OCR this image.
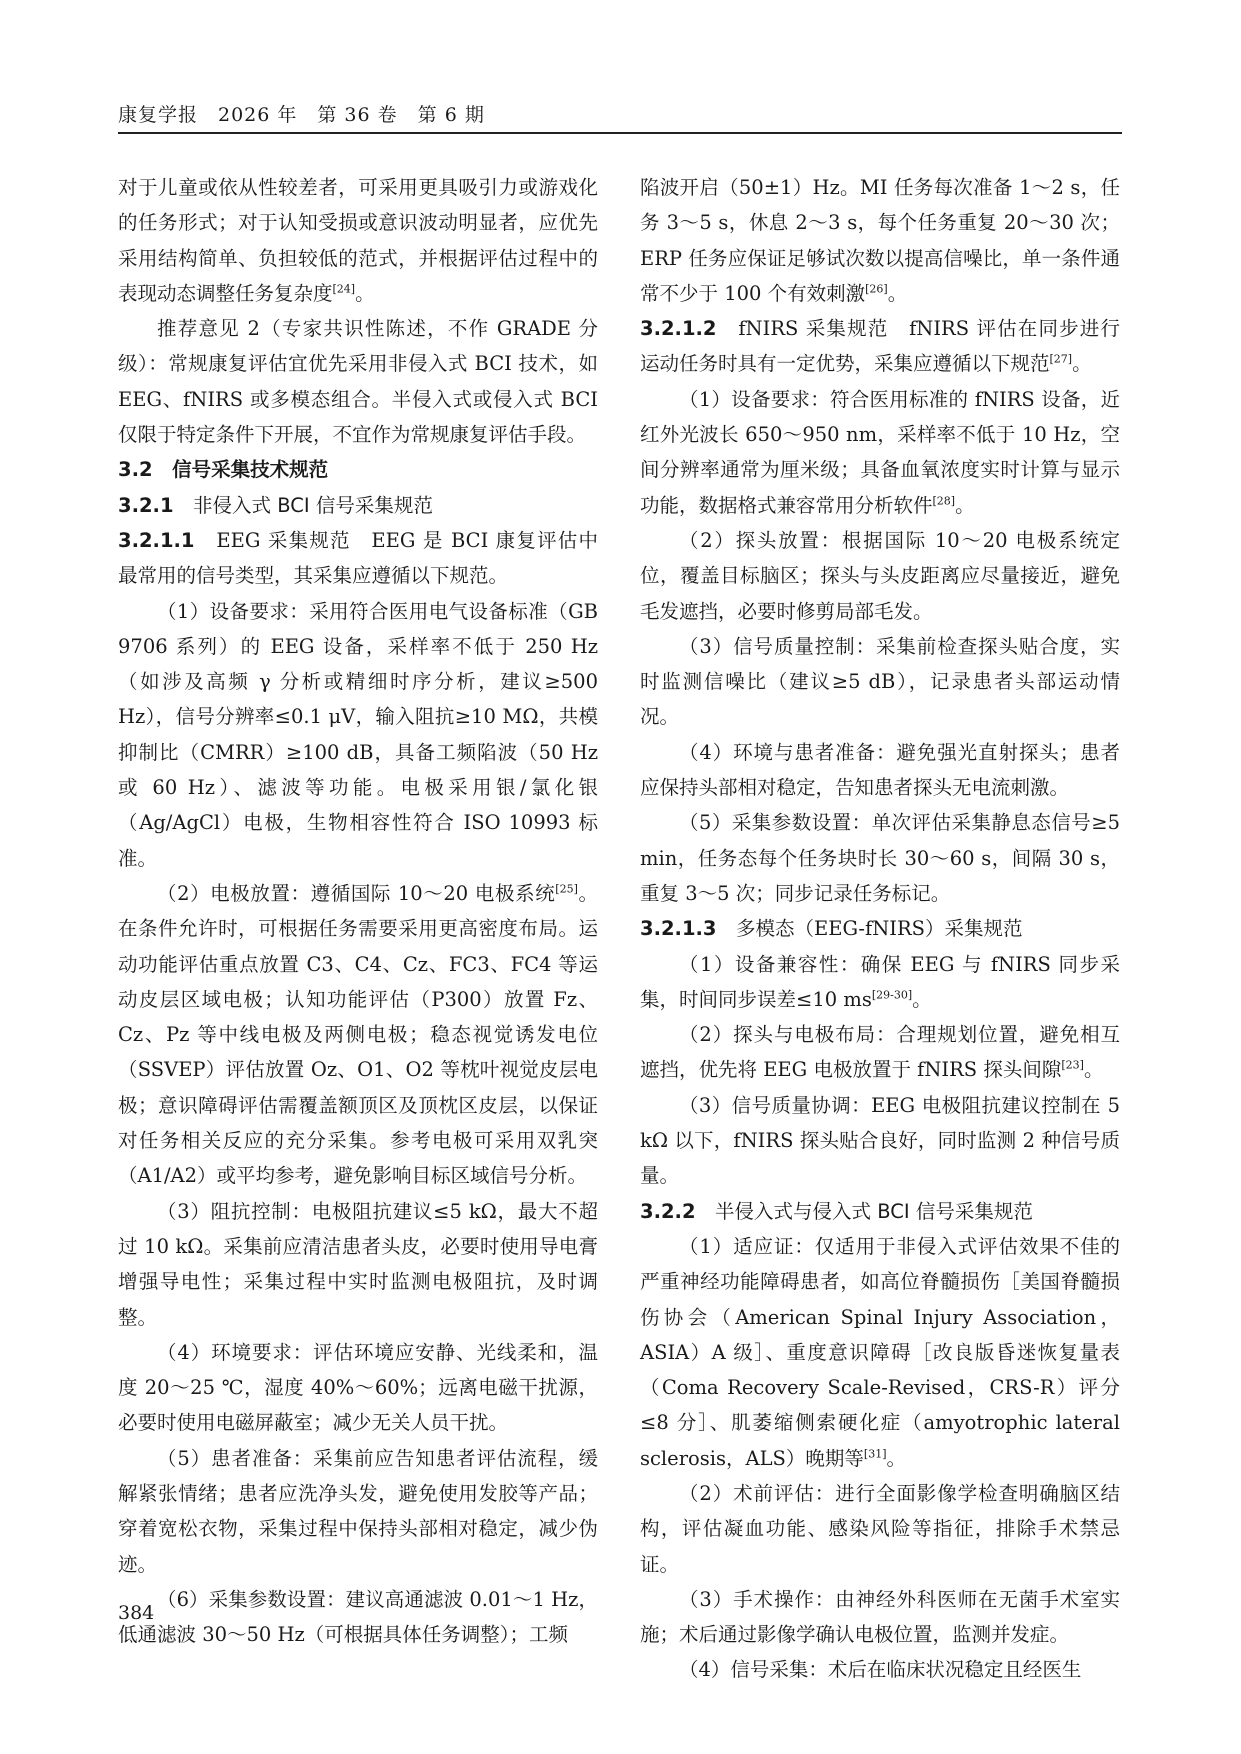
康复学报　2026 年　第 36 卷　第 6 期

对于儿童或依从性较差者，可采用更具吸引力或游戏化的任务形式；对于认知受损或意识波动明显者，应优先采用结构简单、负担较低的范式，并根据评估过程中的表现动态调整任务复杂度[24]。

推荐意见 2（专家共识性陈述，不作 GRADE 分级）：常规康复评估宜优先采用非侵入式 BCI 技术，如 EEG、fNIRS 或多模态组合。半侵入式或侵入式 BCI 仅限于特定条件下开展，不宜作为常规康复评估手段。

3.2　 信号采集技术规范
3.2.1　 非侵入式 BCI 信号采集规范

3.2.1.1　 EEG 采集规范　 EEG 是 BCI 康复评估中最常用的信号类型，其采集应遵循以下规范。

（1）设备要求：采用符合医用电气设备标准（GB 9706 系列）的 EEG 设备，采样率不低于 250 Hz（如涉及高频 γ 分析或精细时序分析，建议≥500 Hz），信号分辨率≤0.1 μV，输入阻抗≥10 MΩ，共模抑制比（CMRR）≥100 dB，具备工频陷波（50 Hz 或 60 Hz）、滤波等功能。电极采用银/氯化银（Ag/AgCl）电极，生物相容性符合 ISO 10993 标准。

（2）电极放置：遵循国际 10～20 电极系统[25]。在条件允许时，可根据任务需要采用更高密度布局。运动功能评估重点放置 C3、C4、Cz、FC3、FC4 等运动皮层区域电极；认知功能评估（P300）放置 Fz、Cz、Pz 等中线电极及两侧电极；稳态视觉诱发电位（SSVEP）评估放置 Oz、O1、O2 等枕叶视觉皮层电极；意识障碍评估需覆盖额顶区及顶枕区皮层，以保证对任务相关反应的充分采集。参考电极可采用双乳突（A1/A2）或平均参考，避免影响目标区域信号分析。

（3）阻抗控制：电极阻抗建议≤5 kΩ，最大不超过 10 kΩ。采集前应清洁患者头皮，必要时使用导电膏增强导电性；采集过程中实时监测电极阻抗，及时调整。

（4）环境要求：评估环境应安静、光线柔和，温度 20～25 ℃，湿度 40%～60%；远离电磁干扰源，必要时使用电磁屏蔽室；减少无关人员干扰。

（5）患者准备：采集前应告知患者评估流程，缓解紧张情绪；患者应洗净头发，避免使用发胶等产品；穿着宽松衣物，采集过程中保持头部相对稳定，减少伪迹。

（6）采集参数设置：建议高通滤波 0.01～1 Hz，低通滤波 30～50 Hz（可根据具体任务调整）；工频

陷波开启（50±1）Hz。MI 任务每次准备 1～2 s，任务 3～5 s，休息 2～3 s，每个任务重复 20～30 次；ERP 任务应保证足够试次数以提高信噪比，单一条件通常不少于 100 个有效刺激[26]。

3.2.1.2　 fNIRS 采集规范　 fNIRS 评估在同步进行运动任务时具有一定优势，采集应遵循以下规范[27]。

（1）设备要求：符合医用标准的 fNIRS 设备，近红外光波长 650～950 nm，采样率不低于 10 Hz，空间分辨率通常为厘米级；具备血氧浓度实时计算与显示功能，数据格式兼容常用分析软件[28]。

（2）探头放置：根据国际 10～20 电极系统定位，覆盖目标脑区；探头与头皮距离应尽量接近，避免毛发遮挡，必要时修剪局部毛发。

（3）信号质量控制：采集前检查探头贴合度，实时监测信噪比（建议≥5 dB），记录患者头部运动情况。

（4）环境与患者准备：避免强光直射探头；患者应保持头部相对稳定，告知患者探头无电流刺激。

（5）采集参数设置：单次评估采集静息态信号≥5 min，任务态每个任务块时长 30～60 s，间隔 30 s，重复 3～5 次；同步记录任务标记。

3.2.1.3　 多模态（EEG-fNIRS）采集规范

（1）设备兼容性：确保 EEG 与 fNIRS 同步采集，时间同步误差≤10 ms[29-30]。

（2）探头与电极布局：合理规划位置，避免相互遮挡，优先将 EEG 电极放置于 fNIRS 探头间隙[23]。

（3）信号质量协调：EEG 电极阻抗建议控制在 5 kΩ 以下，fNIRS 探头贴合良好，同时监测 2 种信号质量。

3.2.2　 半侵入式与侵入式 BCI 信号采集规范

（1）适应证：仅适用于非侵入式评估效果不佳的严重神经功能障碍患者，如高位脊髓损伤［美国脊髓损伤协会（American Spinal Injury Association，ASIA）A 级］、重度意识障碍［改良版昏迷恢复量表（Coma Recovery Scale-Revised，CRS-R）评分≤8 分］、肌萎缩侧索硬化症（amyotrophic lateral sclerosis，ALS）晚期等[31]。

（2）术前评估：进行全面影像学检查明确脑区结构，评估凝血功能、感染风险等指征，排除手术禁忌证。

（3）手术操作：由神经外科医师在无菌手术室实施；术后通过影像学确认电极位置，监测并发症。

（4）信号采集：术后在临床状况稳定且经医生

384
